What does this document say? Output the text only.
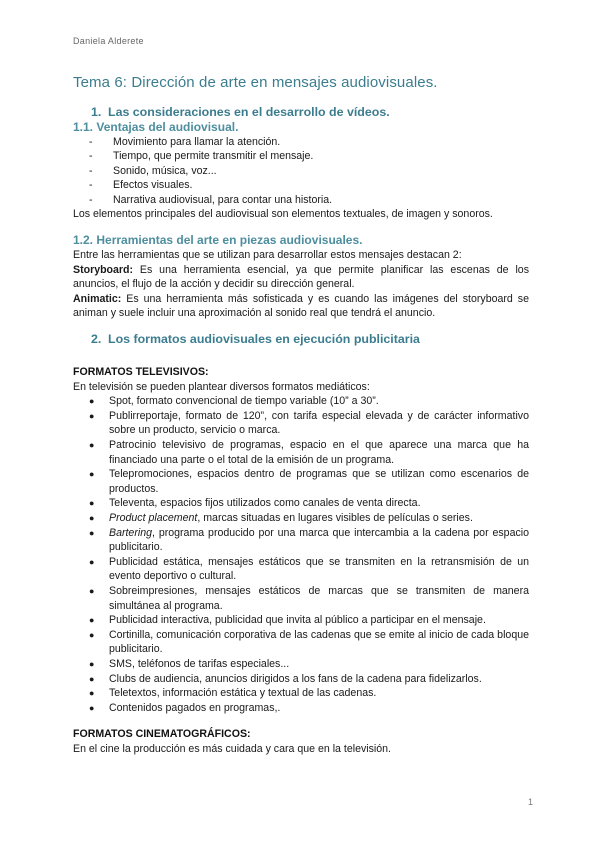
Daniela Alderete
Tema 6: Dirección de arte en mensajes audiovisuales.
1. Las consideraciones en el desarrollo de vídeos.
1.1. Ventajas del audiovisual.
- Movimiento para llamar la atención.
- Tiempo, que permite transmitir el mensaje.
- Sonido, música, voz...
- Efectos visuales.
- Narrativa audiovisual, para contar una historia.

Los elementos principales del audiovisual son elementos textuales, de imagen y sonoros.

1.2. Herramientas del arte en piezas audiovisuales.

Entre las herramientas que se utilizan para desarrollar estos mensajes destacan 2:

Storyboard: Es una herramienta esencial, ya que permite planificar las escenas de los anuncios, el flujo de la acción y decidir su dirección general.

Animatic: Es una herramienta más sofisticada y es cuando las imágenes del storyboard se animan y suele incluir una aproximación al sonido real que tendrá el anuncio.

2. Los formatos audiovisuales en ejecución publicitaria
FORMATOS TELEVISIVOS:

En televisión se pueden plantear diversos formatos mediáticos:

● Spot, formato convencional de tiempo variable (10” a 30”.
● Publirreportaje, formato de 120”, con tarifa especial elevada y de carácter informativo sobre un producto, servicio o marca.
● Patrocinio televisivo de programas, espacio en el que aparece una marca que ha financiado una parte o el total de la emisión de un programa.
● Telepromociones, espacios dentro de programas que se utilizan como escenarios de productos.
● Televenta, espacios fijos utilizados como canales de venta directa.
● Product placement, marcas situadas en lugares visibles de películas o series.
● Bartering, programa producido por una marca que intercambia a la cadena por espacio publicitario.
● Publicidad estática, mensajes estáticos que se transmiten en la retransmisión de un evento deportivo o cultural.
● Sobreimpresiones, mensajes estáticos de marcas que se transmiten de manera simultánea al programa.
● Publicidad interactiva, publicidad que invita al público a participar en el mensaje.
● Cortinilla, comunicación corporativa de las cadenas que se emite al inicio de cada bloque publicitario.
● SMS, teléfonos de tarifas especiales...
● Clubs de audiencia, anuncios dirigidos a los fans de la cadena para fidelizarlos.
● Teletextos, información estática y textual de las cadenas.
● Contenidos pagados en programas,.
FORMATOS CINEMATOGRÁFICOS:

En el cine la producción es más cuidada y cara que en la televisión.

1
